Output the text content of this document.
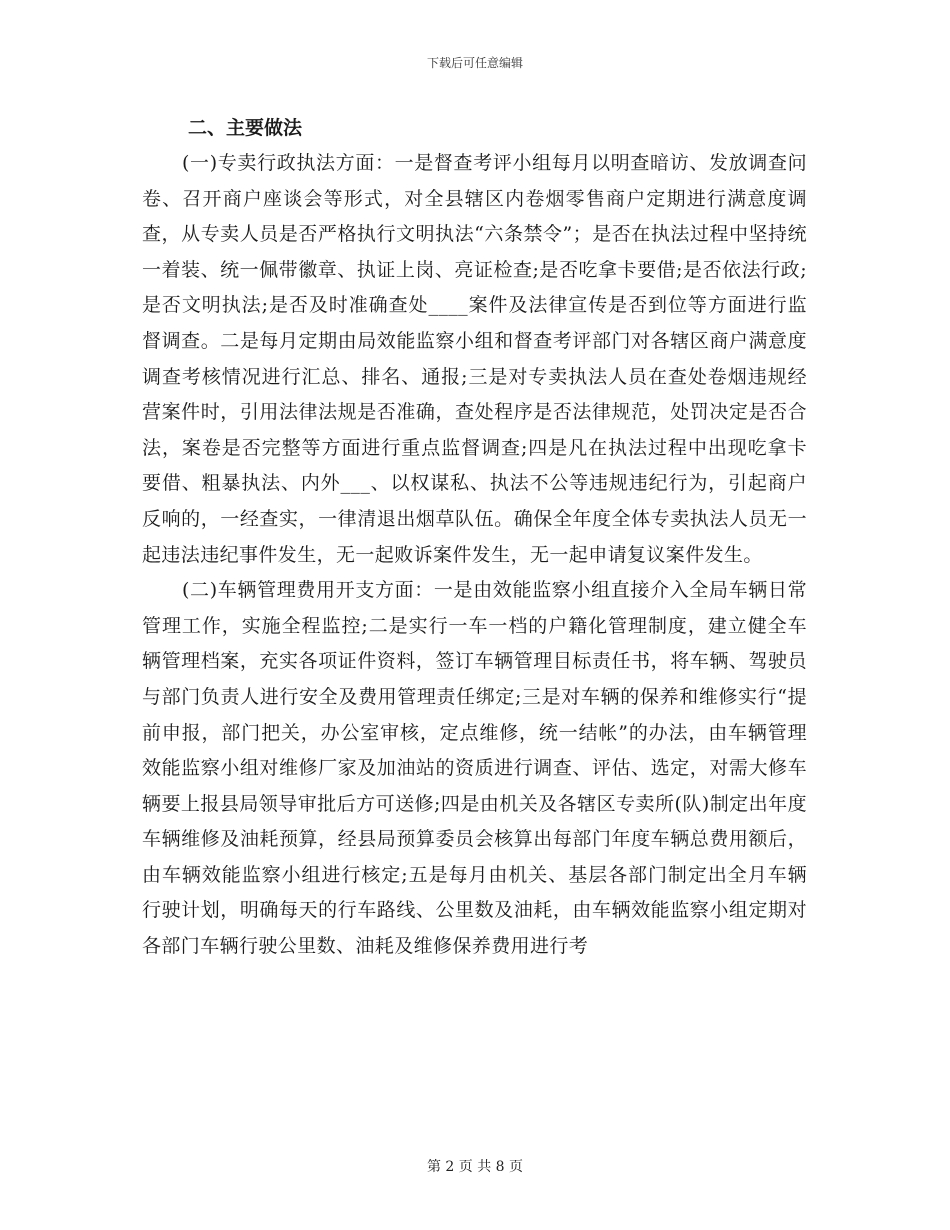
下载后可任意编辑

二、主要做法

(一)专卖行政执法方面：一是督查考评小组每月以明查暗访、发放调查问卷、召开商户座谈会等形式，对全县辖区内卷烟零售商户定期进行满意度调查，从专卖人员是否严格执行文明执法“六条禁令”；是否在执法过程中坚持统一着装、统一佩带徽章、执证上岗、亮证检查;是否吃拿卡要借;是否依法行政;是否文明执法;是否及时准确查处____案件及法律宣传是否到位等方面进行监督调查。二是每月定期由局效能监察小组和督查考评部门对各辖区商户满意度调查考核情况进行汇总、排名、通报;三是对专卖执法人员在查处卷烟违规经营案件时，引用法律法规是否准确，查处程序是否法律规范，处罚决定是否合法，案卷是否完整等方面进行重点监督调查;四是凡在执法过程中出现吃拿卡要借、粗暴执法、内外___、以权谋私、执法不公等违规违纪行为，引起商户反响的，一经查实，一律清退出烟草队伍。确保全年度全体专卖执法人员无一起违法违纪事件发生，无一起败诉案件发生，无一起申请复议案件发生。

(二)车辆管理费用开支方面：一是由效能监察小组直接介入全局车辆日常管理工作，实施全程监控;二是实行一车一档的户籍化管理制度，建立健全车辆管理档案，充实各项证件资料，签订车辆管理目标责任书，将车辆、驾驶员与部门负责人进行安全及费用管理责任绑定;三是对车辆的保养和维修实行“提前申报，部门把关，办公室审核，定点维修，统一结帐”的办法，由车辆管理效能监察小组对维修厂家及加油站的资质进行调查、评估、选定，对需大修车辆要上报县局领导审批后方可送修;四是由机关及各辖区专卖所(队)制定出年度车辆维修及油耗预算，经县局预算委员会核算出每部门年度车辆总费用额后，由车辆效能监察小组进行核定;五是每月由机关、基层各部门制定出全月车辆行驶计划，明确每天的行车路线、公里数及油耗，由车辆效能监察小组定期对各部门车辆行驶公里数、油耗及维修保养费用进行考

第 2 页 共 8 页
